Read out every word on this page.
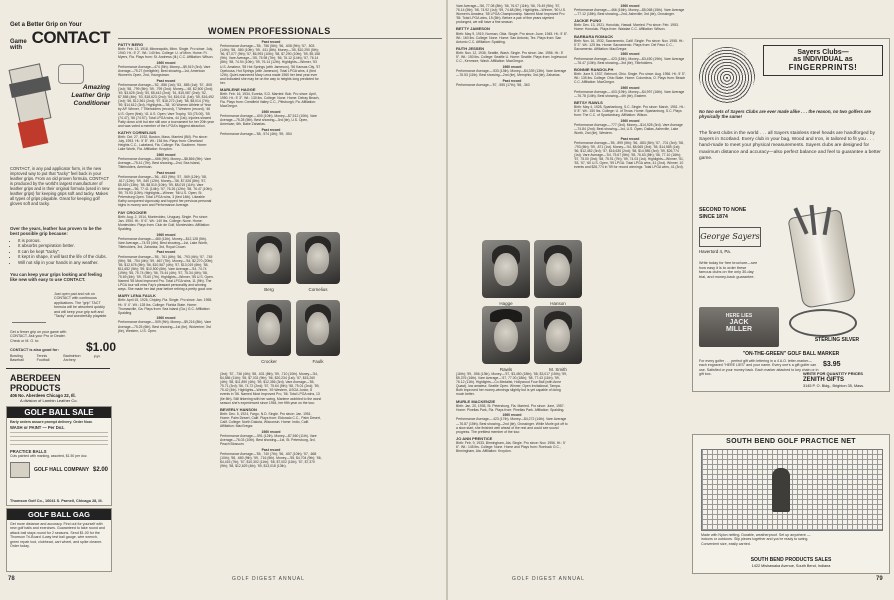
Get a Better Grip on Your
Game with
CONTACT
Amazing
Leather Grip
Conditioner
CONTACT, in any pad applicator form, is the new improved way to put that "tacky" feel back in your leather grips. From an old proven formula, CONTACT is produced by the world's largest manufacturer of leather grips and is their original formula (used in new leather grips) for keeping grips soft and tacky. Makes all types of grips playable. Great for keeping golf gloves soft and tacky.
Over the years, leather has proven to be the best possible grip because:
• It is porous.
• It absorbs perspiration better.
• It can be kept "tacky".
• It kept in shape, it will last the life of the clubs.
• Will not slip in your hands in any weather.
You can keep your grips looking and feeling like new with easy to use CONTACT.
Just open pad and rub on CONTACT with continuous applications. The "grip" TACT formula will be absorbed quickly and will keep your grip soft and "Tacky" and wonderfully playable.
Get a firmer grip on your game with CONTACT. Ask your Pro or Dealer. Check or M. O. to:
CONTACT is also good for:
Bowling	Tennis	Badminton
Baseball	Football	Archery
$1.00
P.P.
ABERDEEN PRODUCTS
406 No. Aberdeen Chicago 22, Ill.
A division of Lambin Leather Co.
GOLF BALL SALE
Early orders assure prompt delivery. Order Now.
WASH or PAINT — Per Doz.
PRACTICE BALLS
Cuts painted with marking, assorted, $1.50 per doz.
GOLF HALL COMPANY $2.00
Thomson Golf Co., 16041 S. Parnell, Chicago 28, Ill.
GOLF BALL GAG
Get more distance and accuracy. Find out for yourself with new golf balls and exercises. Guaranteed to take round and attack ball stays round for 2 seasons. Send $1.00 for the Thomson Tri-Board 4-way test ball gauge, wire wrench, green repair tool, clubhead, cart wheel, and spike cleaner. Order today.
WOMEN PROFESSIONALS
PATTY BERG

Birth: Feb. 13, 1918, Minneapolis, Minn. Single. Pro since: July, 1940. Ht.: 5' 2". Wt.: 140 lbs. College: U. of Minn. Home: Ft. Myers, Fla. Plays from: St. Andrews (Ill.) C.C. Affiliation: Wilson.

1960 record

Performance Average—474 (5th). Money—$9,519 (3rd). Vare Average—75.27 (ineligible). Best showing—1st, American Women's Open, 2nd, Youngstown.

Past record

Performance Average—'52, .856 (1st); '53, .885 (1st); '57, .805 (1st); '58, .799 (5th); '59, .799 (2nd). Money—'48, $2,500 (2nd); '49, $3,625 (3rd); '50, $5,442 (2nd); '51, $15,087 (2nd); '52, $7,558 (4th); '53, $18,623 (2nd); '54, $16,011 (1st); '55, $16,492 (1st); '56, $12,561 (2nd); '57, $16,272 (1st); '58, $8,014 (7th); '59, $14,612 (3rd). Highlights—'38, '40 Women Athlete of Year by AP. Winner, 7 Titleholders (record), 7 Western (record), '46 U.S. Open (first); '41 U.S. Open; Vare Trophy, '53 (75.00), '55 (74.47), '56 (74.57). Total LPGA wins, 44 (1st). Injuries slowed Patty down a bit but she still won a tournament for her 20th year and was voted a member of the LPGA's biggest attraction.

KATHY CORNELIUS

Birth: Oct. 27, 1932, Boston, Mass. Married (Bill). Pro since: July, 1953. Ht.: 5' 8". Wt.: 154 lbs. Plays from: Cleveland Heights C.C., Lakeland, Fla. College: Fla. Southern. Home: Lake Worth, Fla. Affiliation: Kroydon.

1960 record

Performance Average—.666 (9th). Money—$8,866 (9th). Vare Average—75.41 (7th). Best showing—2nd, Sea Island, Titleholders, American.

Past record

Performance Average—'56, .453 (9th); '57, .569 (12th); '58, .617 (12th); '59, .540 (12th). Money—'56, $7,526 (8th); '57, $5,519 (13th); '58, $8,510 (10th); '59, $8,015 (11th). Vare Average—'56, 77.41 (14th); '57, 76.26 (12th); '58, 76.47 (10th); '59, 75.93 (10th). Highlights—Winner, '56 U.S. Open; St. Petersburg Open. Total LPGA wins, 3 (tied 14th). Likeable Kathy conquered vigorously and topped her previous personal highs in money won and Performance Average.

FAY CROCKER

Birth: Aug. 2, 1914, Montevideo, Uruguay. Single. Pro since: Jan. 1954. Ht.: 5' 6". Wt.: 140 lbs. College: None. Home: Montevideo. Plays from: Club de Golf, Montevideo. Affiliation: Spalding.

1960 record

Performance Average—.480 (11th). Money—$12,128 (5th). Vare Average—74.93 (4th). Best showing—1st, Lake Worth, Titleholders, 3rd, Zaharias; 3rd, Royal Crown.

Past record

Performance Average—'55, .761 (6th); '56, .793 (4th); '57, .745 (5th); '58, .754 (4th); '59, .667 (7th). Money—'54, $2,270 (20th); '55, $12,678 (5th); '56, $10,567 (4th); '57, $13,019 (6th); '58, $11,652 (5th); '59, $10,500 (6th). Vare Average—'54, 74.74 (19th); '55, 75.74 (5th); '56, 75.44 (4th); '57, 75.34 (4th); '58, 75.69 (4th); '59, 75.60 (7th). Highlights—Winner, '55 U.S. Open. Named '55 Most Improved Pro. Total LPGA wins, 11 (9th). The LPGA tour will miss Fay's pleasant personality and winning ways. She made her last year before retiring a pretty good one.

MARY LENA FAULK

Birth: April 15, 1926, Chipley, Fla. Single. Pro since: Jan. 1955. Ht.: 5' 4". Wt.: 128 lbs. College: Florida State. Home: Thomasville, Ga. Plays from: Sea Island (Ga.) G.C. Affiliation: Spalding.

1960 record

Performance Average—.509 (9th). Money—$9,216 (8th). Vare Average—75.25 (6th). Best showing—1st (tie), Wolverine; 3rd (tie), Western, U.S. Open.

Past record

Performance Average—'55, .756 (5th); '56, .608 (9th); '57, .503 (14th); '58, .580 (10th); '59, .611 (8th). Money—'55, $10,290 (5th); '56, $7,077 (9th); '57, $6,993 (10th); '58, $7,290 (10th); '59, $9,158 (9th). Vare Average—'55, 75.98 (7th); '56, 76.12 (14th); '57, 76.14 (8th); '58, 74.94 (10th); '59, 76.14 (12th). Highlights—Winner, '53 U.S. Amateur, '55 Hot Springs (with Jameson), '56 Kansas City, '57 Opelousa, Hot Springs (with Jameson). Total LPGA wins, 4 (tied 12th). Quiet-mannered Mary Lena made 1960 her best year ever and indicated she may be on the way to heights long predicted for her.

MARLENE HAGGE

Birth: Feb. 16, 1934, Eureka, S.D. Married: Bob. Pro since: April, 1950. Ht.: 5' 3". Wt.: 130 lbs. College: None. Home: Delray Beach, Fla. Plays from: Crestfield Valley C.C., Pittsburgh, Pa. Affiliation: MacGregor.

1960 record

Performance Average—.600 (10th). Money—$7,512 (10th). Vare Average—75.28 (5th). Best showing—3rd (tie), U.S. Open, American; 6th, Babe Zaharias.

Past record

Performance Average—'58, .574 (4th); '59, .554

(3rd); '57, .736 (4th); '58, .631 (8th); '59, .710 (10th). Money—'54, $4,586 (11th); '55, $7,031 (9th); '56, $20,234 (1st); '57, $15,260 (4th); '58, $11,890 (4th); '59, $12,356 (3rd). Vare Average—'55, 75.71 (3rd); '56, 74.72 (2nd); '57, 75.64 (5th); '58, 75.01 (2nd); '59, 75.42 (4th). Highlights—Winner, '49 Western, USGA Junior, 8 events in '56. Named Most Improved Pro, '56. Total LPGA wins, 13 (tie 6th). Still tinkering with her swing, Marlene wobbled to the worst season she's experienced since 1954, her fifth year on the tour.

BEVERLY HANSON

Birth: Dec. 5, 1924, Fargo, N.D. Single. Pro since: Jan. 1951. Home: Palm Desert, Calif. Plays from: Eldorado C.C., Palm Desert, Calif. College: North Dakota, Wisconsin. Home: Indio, Calif. Affiliation: MacGregor.

1960 record

Performance Average—.591 (12th). Money—$7,560 (11th). Vare Average—76.03 (10th). Best showing—1st, St. Petersburg, 3rd, Peach Blossom.

Past record

Performance Average—'55, .740 (7th); '56, .657 (10th); '57, .668 (10th); '58, .680 (9th); '59, .716 (5th). Money—'55, $4,704 (9th); '56, $4,415 (7th); '57, $10,302 (11th); '58, $7,002 (11th); '57, $7,370 (9th); '58, $12,629 (4th); '59, $13,018 (13th).

Berg	Cornelius
Crocker	Faulk
78	GOLF DIGEST ANNUAL

Vare Average—'56, 77.08 (8th); '56, 76.07 (11th); '56, 76.49 (9th); '57, 76.14 (5th); '58, 74.92 (1st); '59, 74.68 (5th). Highlights—Winner, '50 U.S. Women's Amateur, '55 LPGA Championship. Named Most Improved Pro '55. Total LPGA wins, 15 (5th). Before a pair of fine years stymied prolonged, we will have a fine season.

BETTY JAMESON

Birth: May 9, 1919, Norman, Okla. Single. Pro since: June, 1945. Ht.: 5' 8". Wt.: 160 lbs. College: None. Home: San Antonio, Tex. Plays from: San Antonio C.C. Affiliation: Spalding.

RUTH JESSEN

Birth: Nov. 12, 1936, Seattle, Wash. Single. Pro since: Jan. 1956. Ht.: 5' 5". Wt.: 150 lbs. College: Seattle U. Home: Seattle. Plays from: Inglewood C.C., Kenmore, Wash. Affiliation: MacGregor.

1960 record

Performance Average—.533 (13th). Money—$4,339 (13th). Vare Average—76.53 (11th). Best showing—2nd (tie), Memphis; 3rd (tie), Zaharias.

Past record

Performance Average—'57, .555 (17th); '58, .363

(16th); '59, .556 (13th). Money—'57, $3,450 (18th); '58, $3,017 (15th); '59, $5,376 (16th). Vare Average—'57, 77.00 (18th); '58, 77.43 (11th); '59, 76.12 (11th). Highlights—Co-Medalist, Hollywood Four Ball (with Anne Quast), low amateur, Seattle Open. Winner, Open Invitational, Tampa. Both improved her money-winnings slightly but is yet capable of doing much better.

MURLE MACKENZIE

Birth: Jan. 20, 1935, St. Petersburg, Fla. Married. Pro since: June, 1957. Home: Pinellas Park, Fla. Plays from: Pinellas Park. Affiliation: Spalding.

1960 record

Performance Average—.423 (17th). Money—$4,272 (14th). Vare Average—76.87 (15th). Best showing—2nd (tie), Grossinger. While Murle got off to a slow start, she finished well ahead of the rest and could see sound progress. The prettiest member of the tour.

JO ANN PRENTICE

Birth: Feb. 9, 1933, Birmingham, Ala. Single. Pro since: Nov. 1956. Ht.: 5' 6". Wt.: 145 lbs. College: None. Home and Plays from: Roebuck G.C., Birmingham, Ala. Affiliation: Kroydon.

1960 record

Performance Average—.466 (16th). Money—$5,068 (15th). Vare Average—77.12 (18th). Best showing—2nd, Asheville; 3rd (tie), Grossinger.

JACKIE PUNG

Birth: Dec. 13, 1921, Honolulu, Hawaii. Married. Pro since: Feb. 1953. Home: Honolulu. Plays from: Waialae C.C. Affiliation: Wilson.

BARBARA ROMACK

Birth: Nov. 16, 1932, Sacramento, Calif. Single. Pro since: Nov. 1958. Ht.: 5' 3". Wt.: 125 lbs. Home: Sacramento. Plays from: Del Paso C.C., Sacramento. Affiliation: MacGregor.

1960 record

Performance Average—.423 (18th). Money—$3,450 (19th). Vare Average—76.47 (13th). Best showing—3rd (tie), Titleholders.

BONNIE RANDOLPH

Birth: June 5, 1937, Belmont, Ohio. Single. Pro since: Aug. 1956. Ht.: 5' 5". Wt.: 135 lbs. College: Ohio State. Home: Columbus, O. Plays from: Beach C.C. Affiliation: MacGregor.

1960 record

Performance Average—.403 (19th). Money—$4,997 (16th). Vare Average—76.78 (14th). Best showing—4th (tie), Eastern.

BETSY RAWLS

Birth: May 4, 1928, Spartanburg, S.C. Single. Pro since: March, 1951. Ht.: 5' 8". Wt.: 150 lbs. College: U. of Texas. Home: Spartanburg, S.C. Plays from: The C.C. of Spartanburg. Affiliation: Wilson.

1960 record

Performance Average—.777 (3rd). Money—$14,928 (3rd). Vare Average—74.84 (2nd). Best showing—1st, U.S. Open, Dallas, Asheville, Lake Worth, 2nd (tie), Western.

Past record

Performance Average—'55, .899 (5th); '56, .883 (5th); '57, .701 (3rd); '58, .793 (6th); '59, .871 (1st). Money—'54, $8,665 (3rd); '55, $14,585 (1st); '56, $12,452 (3rd); '57, $16,630 (2nd); '58, $14,985 (3rd); '59, $26,774 (1st). Vare Average—'54, 75.67 (5th); '55, 76.63 (5th); '56, 77.10 (16th); '57, 75.00 (3rd); '58, 75.91 (7th); '59, 74.03 (1st). Highlights—Winner, '51, '53, '57, '60 U.S. Open, '59 LPGA. Total LPGA wins, 41 (2nd). Winner, 10 events and $26,774 in '59 for record winnings. Total LPGA wins, 41 (3rd).

Hagge	Hanson
Rawls	M. Smith
Sayers Clubs—
as INDIVIDUAL as
FINGERPRINTS!
No two sets of Sayers Clubs are ever made alike . . . the reason, no two golfers are physically the same!
The finest clubs in the world . . . all Sayers stainless steel heads are handforged by Sayers in Scotland. Every club in your bag, Wood and Iron, is tailored to fit you . . . hand-made to meet your physical measurements. Sayers clubs are designed for maximum distance and accuracy—also perfect balance and feel to guarantee a better game.
SECOND TO NONE
SINCE 1874
George Sayers
Havertord 4, Pa.
Write today for free brochure—see how easy it is to order these famous clubs on the only 30-day trial, and money-back guarantee.
HERE LIES
JACK
MILLER
STERLING SILVER
"ON-THE-GREEN" GOLF BALL MARKER
For every golfer . . . perfect gift with lettering in a 4 A.O. letter-marker—each engraved "HERE LIES" and your name. Every one's a gift golfer can use. Satisfied or your money back. Each marker attached to key chain or in gift box.
$3.95
WRITE FOR QUANTITY PRICES
ZENITH GIFTS
3145 P. O. Bldg., Brighton 35, Mass.
SOUTH BEND GOLF PRACTICE NET
Made with Nylon netting. Durable, weatherproof. Set up anywhere — indoors or outdoors. Slip pieces together and you're ready to swing. Convenient size, easily carried.
SOUTH BEND PRODUCTS SALES
1422 Mishawaka Avenue, South Bend, Indiana
GOLF DIGEST ANNUAL	79
